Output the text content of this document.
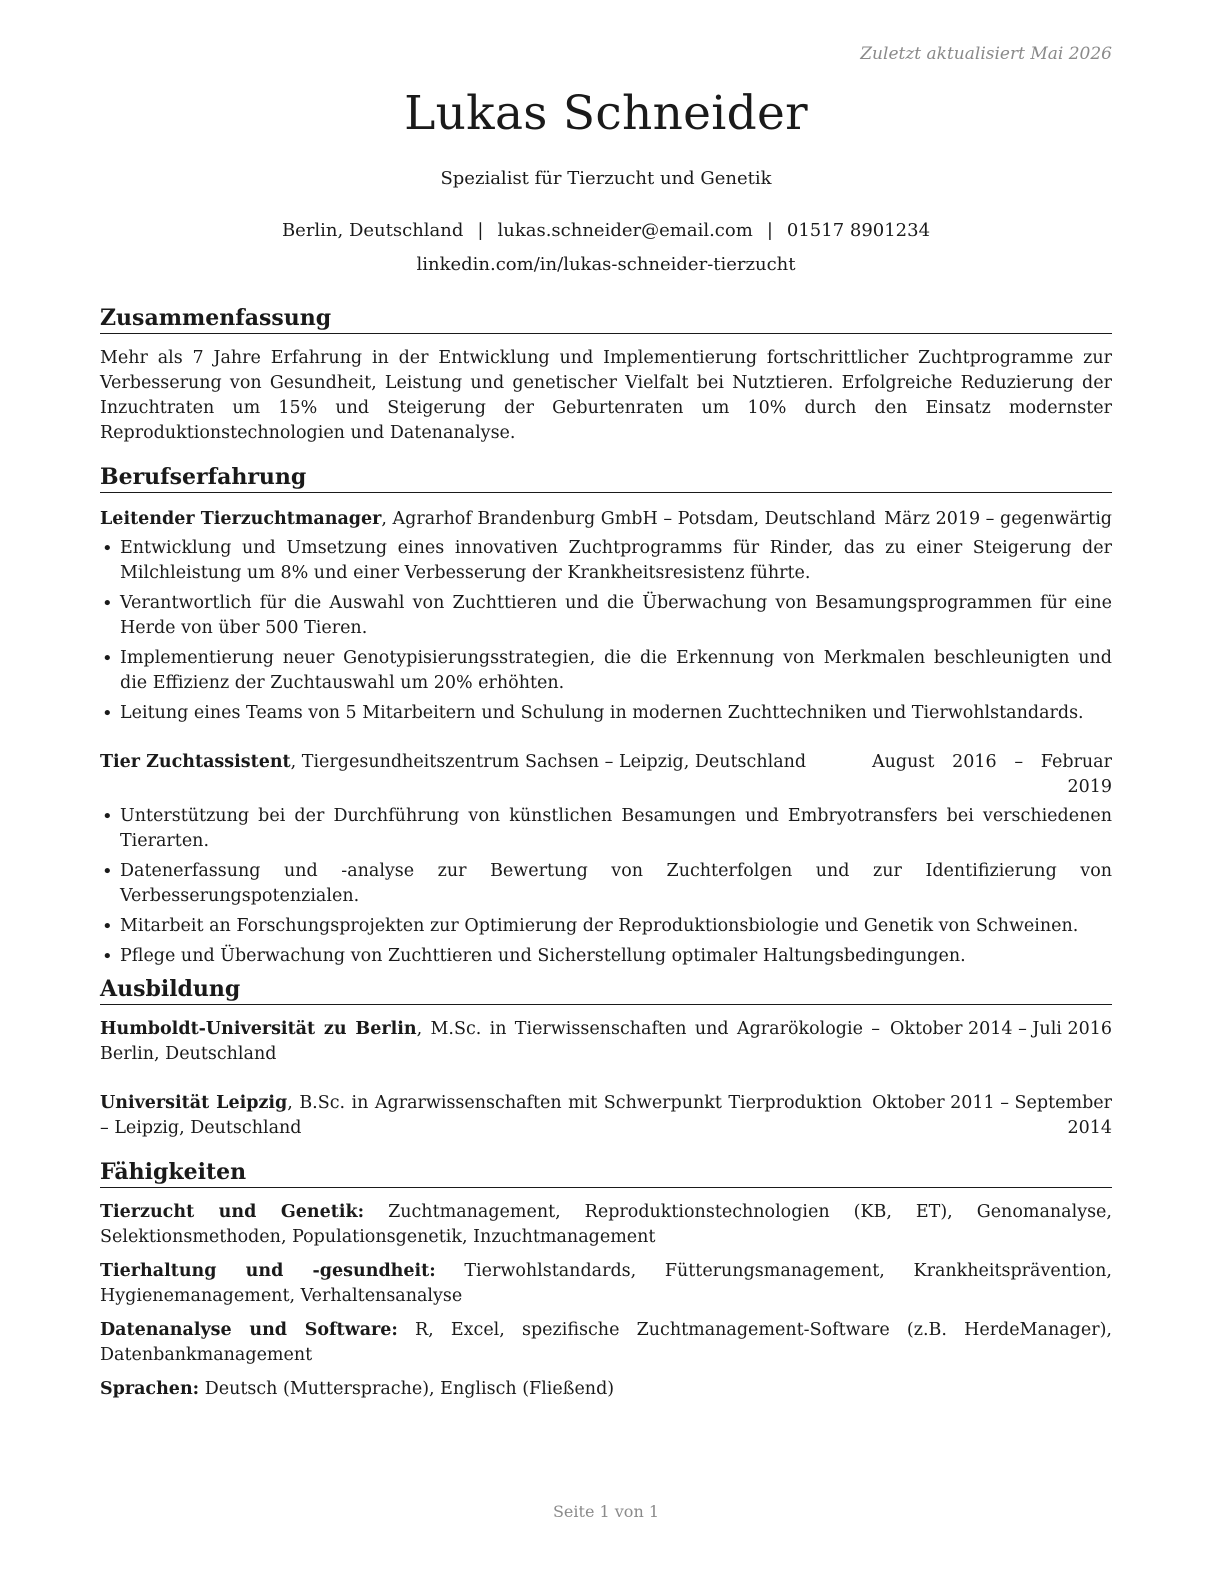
Zuletzt aktualisiert Mai 2026
Lukas Schneider
Spezialist für Tierzucht und Genetik
Berlin, Deutschland | lukas.schneider@email.com | 01517 8901234
linkedin.com/in/lukas-schneider-tierzucht
Zusammenfassung

Mehr als 7 Jahre Erfahrung in der Entwicklung und Implementierung fortschrittlicher Zuchtprogramme zur Verbesserung von Gesundheit, Leistung und genetischer Vielfalt bei Nutztieren. Erfolgreiche Reduzierung der Inzuchtraten um 15% und Steigerung der Geburtenraten um 10% durch den Einsatz modernster Reproduktionstechnologien und Datenanalyse.

Berufserfahrung
Leitender Tierzuchtmanager, Agrarhof Brandenburg GmbH – Potsdam, Deutschland März 2019 – gegenwärtig
• Entwicklung und Umsetzung eines innovativen Zuchtprogramms für Rinder, das zu einer Steigerung der Milchleistung um 8% und einer Verbesserung der Krankheitsresistenz führte.
• Verantwortlich für die Auswahl von Zuchttieren und die Überwachung von Besamungsprogrammen für eine Herde von über 500 Tieren.
• Implementierung neuer Genotypisierungsstrategien, die die Erkennung von Merkmalen beschleunigten und die Effizienz der Zuchtauswahl um 20% erhöhten.
• Leitung eines Teams von 5 Mitarbeitern und Schulung in modernen Zuchttechniken und Tierwohlstandards.
Tier Zuchtassistent, Tiergesundheitszentrum Sachsen – Leipzig, Deutschland	August 2016 – Februar 2019
• Unterstützung bei der Durchführung von künstlichen Besamungen und Embryotransfers bei verschiedenen Tierarten.
• Datenerfassung und -analyse zur Bewertung von Zuchterfolgen und zur Identifizierung von Verbesserungspotenzialen.
• Mitarbeit an Forschungsprojekten zur Optimierung der Reproduktionsbiologie und Genetik von Schweinen.
• Pflege und Überwachung von Zuchttieren und Sicherstellung optimaler Haltungsbedingungen.
Ausbildung
Humboldt-Universität zu Berlin, M.Sc. in Tierwissenschaften und Agrarökologie – Berlin, Deutschland
Oktober 2014 – Juli 2016
Universität Leipzig, B.Sc. in Agrarwissenschaften mit Schwerpunkt Tierproduktion – Leipzig, Deutschland
Oktober 2011 – September 2014
Fähigkeiten

Tierzucht und Genetik: Zuchtmanagement, Reproduktionstechnologien (KB, ET), Genomanalyse, Selektionsmethoden, Populationsgenetik, Inzuchtmanagement

Tierhaltung und -gesundheit: Tierwohlstandards, Fütterungsmanagement, Krankheitsprävention, Hygienemanagement, Verhaltensanalyse

Datenanalyse und Software: R, Excel, spezifische Zuchtmanagement-Software (z.B. HerdeManager), Datenbankmanagement

Sprachen: Deutsch (Muttersprache), Englisch (Fließend)

Seite 1 von 1
